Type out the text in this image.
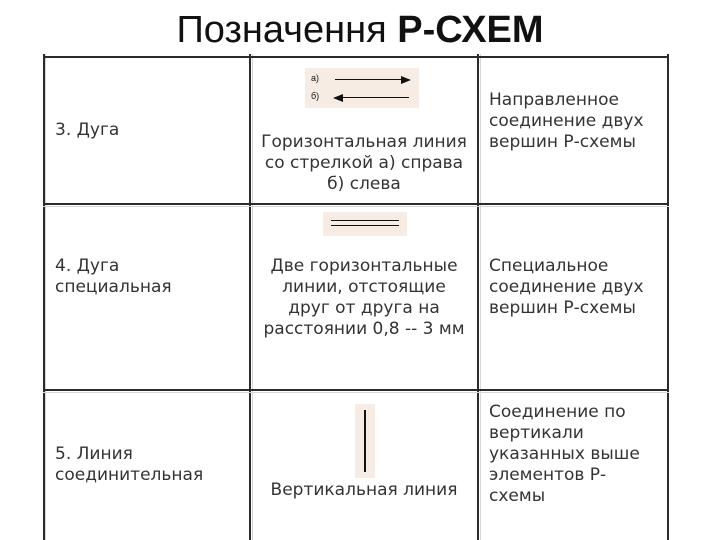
Позначення Р-СХЕМ
3. Дуга
а)
б)
Горизонтальная линия со стрелкой а) справа б) слева
Направленное соединение двух вершин Р-схемы
4. Дуга специальная
Две горизонтальные линии, отстоящие друг от друга на расстоянии 0,8 -- 3 мм
Специальное соединение двух вершин Р-схемы
5. Линия соединительная
Вертикальная линия
Соединение по вертикали указанных выше элементов Р-схемы
